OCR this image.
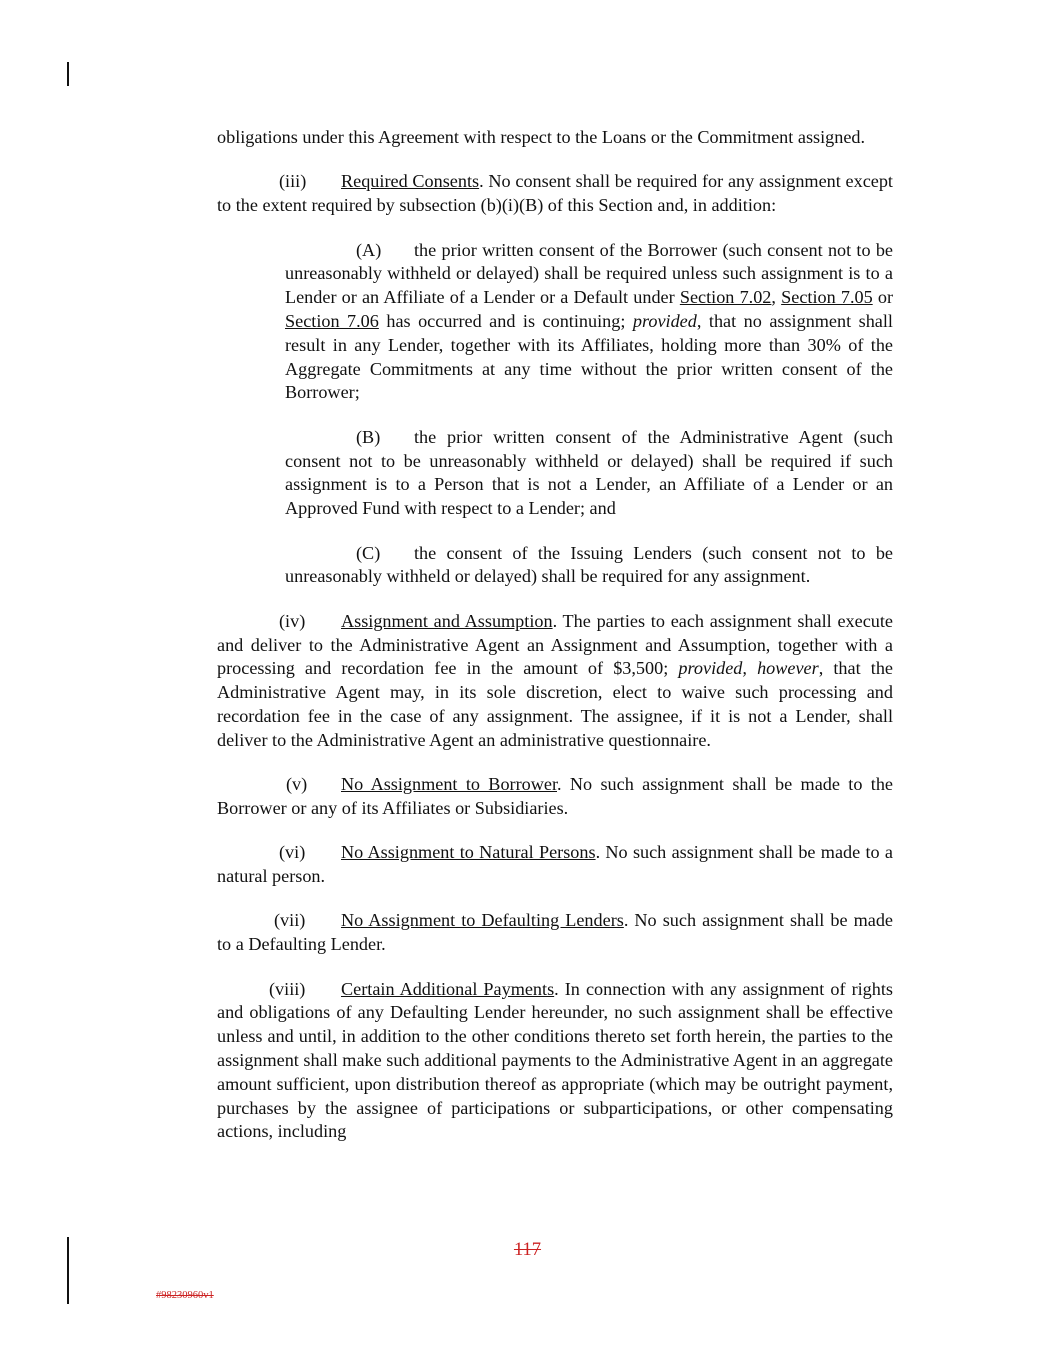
obligations under this Agreement with respect to the Loans or the Commitment assigned.

(iii) Required Consents. No consent shall be required for any assignment except to the extent required by subsection (b)(i)(B) of this Section and, in addition:

(A) the prior written consent of the Borrower (such consent not to be unreasonably withheld or delayed) shall be required unless such assignment is to a Lender or an Affiliate of a Lender or a Default under Section 7.02, Section 7.05 or Section 7.06 has occurred and is continuing; provided, that no assignment shall result in any Lender, together with its Affiliates, holding more than 30% of the Aggregate Commitments at any time without the prior written consent of the Borrower;

(B) the prior written consent of the Administrative Agent (such consent not to be unreasonably withheld or delayed) shall be required if such assignment is to a Person that is not a Lender, an Affiliate of a Lender or an Approved Fund with respect to a Lender; and

(C) the consent of the Issuing Lenders (such consent not to be unreasonably withheld or delayed) shall be required for any assignment.

(iv) Assignment and Assumption. The parties to each assignment shall execute and deliver to the Administrative Agent an Assignment and Assumption, together with a processing and recordation fee in the amount of $3,500; provided, however, that the Administrative Agent may, in its sole discretion, elect to waive such processing and recordation fee in the case of any assignment. The assignee, if it is not a Lender, shall deliver to the Administrative Agent an administrative questionnaire.

(v) No Assignment to Borrower. No such assignment shall be made to the Borrower or any of its Affiliates or Subsidiaries.

(vi) No Assignment to Natural Persons. No such assignment shall be made to a natural person.

(vii) No Assignment to Defaulting Lenders. No such assignment shall be made to a Defaulting Lender.

(viii) Certain Additional Payments. In connection with any assignment of rights and obligations of any Defaulting Lender hereunder, no such assignment shall be effective unless and until, in addition to the other conditions thereto set forth herein, the parties to the assignment shall make such additional payments to the Administrative Agent in an aggregate amount sufficient, upon distribution thereof as appropriate (which may be outright payment, purchases by the assignee of participations or subparticipations, or other compensating actions, including

117
#98230960v1
